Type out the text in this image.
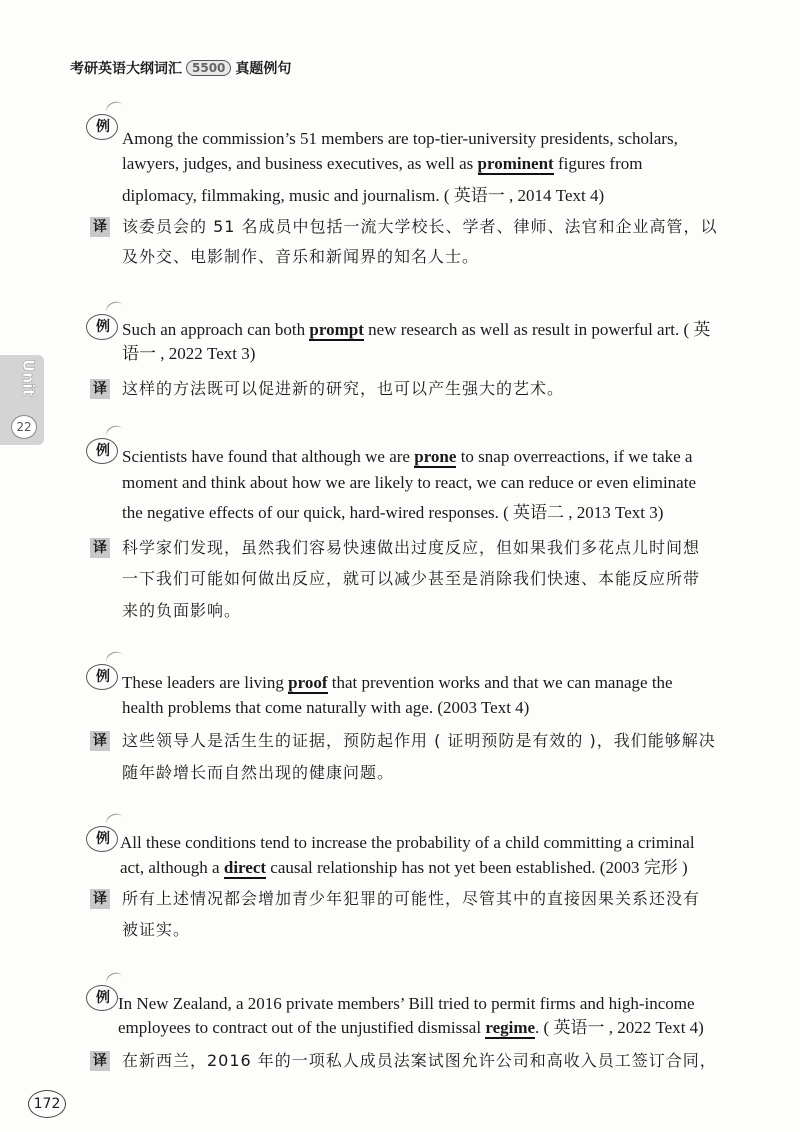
考研英语大纲词汇 5500 真题例句
Unit
22
例
Among the commission’s 51 members are top-tier-university presidents, scholars,
lawyers, judges, and business executives, as well as prominent figures from
diplomacy, filmmaking, music and journalism. ( 英语一 , 2014 Text 4)
译 该委员会的 51 名成员中包括一流大学校长、学者、律师、法官和企业高管，以
及外交、电影制作、音乐和新闻界的知名人士。
例 Such an approach can both prompt new research as well as result in powerful art. ( 英
语一 , 2022 Text 3)
译 这样的方法既可以促进新的研究，也可以产生强大的艺术。
例 Scientists have found that although we are prone to snap overreactions, if we take a
moment and think about how we are likely to react, we can reduce or even eliminate
the negative effects of our quick, hard-wired responses. ( 英语二 , 2013 Text 3)
译 科学家们发现，虽然我们容易快速做出过度反应，但如果我们多花点儿时间想
一下我们可能如何做出反应，就可以减少甚至是消除我们快速、本能反应所带
来的负面影响。
例 These leaders are living proof that prevention works and that we can manage the
health problems that come naturally with age. (2003 Text 4)
译 这些领导人是活生生的证据，预防起作用 ( 证明预防是有效的 )，我们能够解决
随年龄增长而自然出现的健康问题。
例 All these conditions tend to increase the probability of a child committing a criminal
act, although a direct causal relationship has not yet been established. (2003 完形 )
译 所有上述情况都会增加青少年犯罪的可能性，尽管其中的直接因果关系还没有
被证实。
例 In New Zealand, a 2016 private members’ Bill tried to permit firms and high-income
employees to contract out of the unjustified dismissal regime. ( 英语一 , 2022 Text 4)
译 在新西兰，2016 年的一项私人成员法案试图允许公司和高收入员工签订合同，
172
